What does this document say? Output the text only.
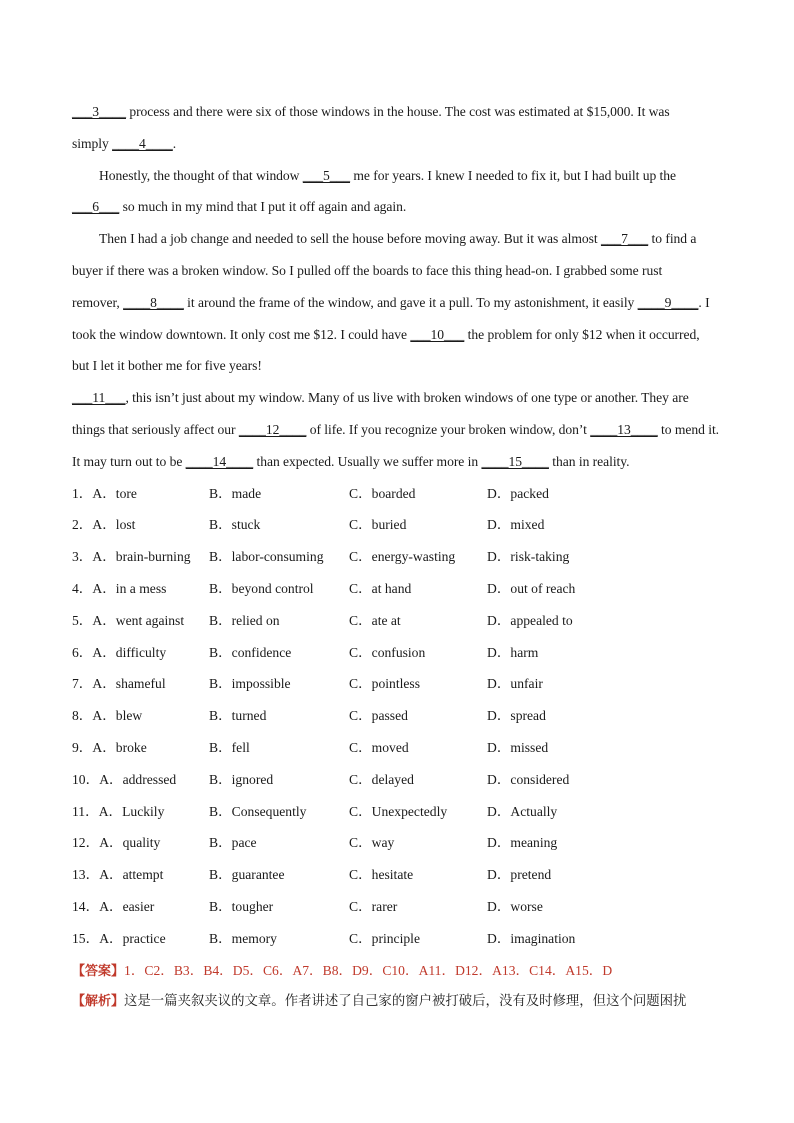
___3____ process and there were six of those windows in the house. The cost was estimated at $15,000. It was
simply ____4____.
Honestly, the thought of that window ___5___ me for years. I knew I needed to fix it, but I had built up the
___6___ so much in my mind that I put it off again and again.
Then I had a job change and needed to sell the house before moving away. But it was almost ___7___ to find a
buyer if there was a broken window. So I pulled off the boards to face this thing head-on. I grabbed some rust
remover, ____8____ it around the frame of the window, and gave it a pull. To my astonishment, it easily ____9____. I
took the window downtown. It only cost me $12. I could have ___10___ the problem for only $12 when it occurred,
but I let it bother me for five years!
___11___, this isn’t just about my window. Many of us live with broken windows of one type or another. They are
things that seriously affect our ____12____ of life. If you recognize your broken window, don’t ____13____ to mend it.
It may turn out to be ____14____ than expected. Usually we suffer more in ____15____ than in reality.
1．A．tore	B．made	C．boarded	D．packed
2．A．lost	B．stuck	C．buried	D．mixed
3．A．brain-burning	B．labor-consuming	C．energy-wasting	D．risk-taking
4．A．in a mess	B．beyond control	C．at hand	D．out of reach
5．A．went against	B．relied on	C．ate at	D．appealed to
6．A．difficulty	B．confidence	C．confusion	D．harm
7．A．shameful	B．impossible	C．pointless	D．unfair
8．A．blew	B．turned	C．passed	D．spread
9．A．broke	B．fell	C．moved	D．missed
10．A．addressed	B．ignored	C．delayed	D．considered
11．A．Luckily	B．Consequently	C．Unexpectedly	D．Actually
12．A．quality	B．pace	C．way	D．meaning
13．A．attempt	B．guarantee	C．hesitate	D．pretend
14．A．easier	B．tougher	C．rarer	D．worse
15．A．practice	B．memory	C．principle	D．imagination
【答案】1．C2．B3．B4．D5．C6．A7．B8．D9．C10．A11．D12．A13．C14．A15．D
【解析】这是一篇夹叙夹议的文章。作者讲述了自己家的窗户被打破后，没有及时修理，但这个问题困扰
